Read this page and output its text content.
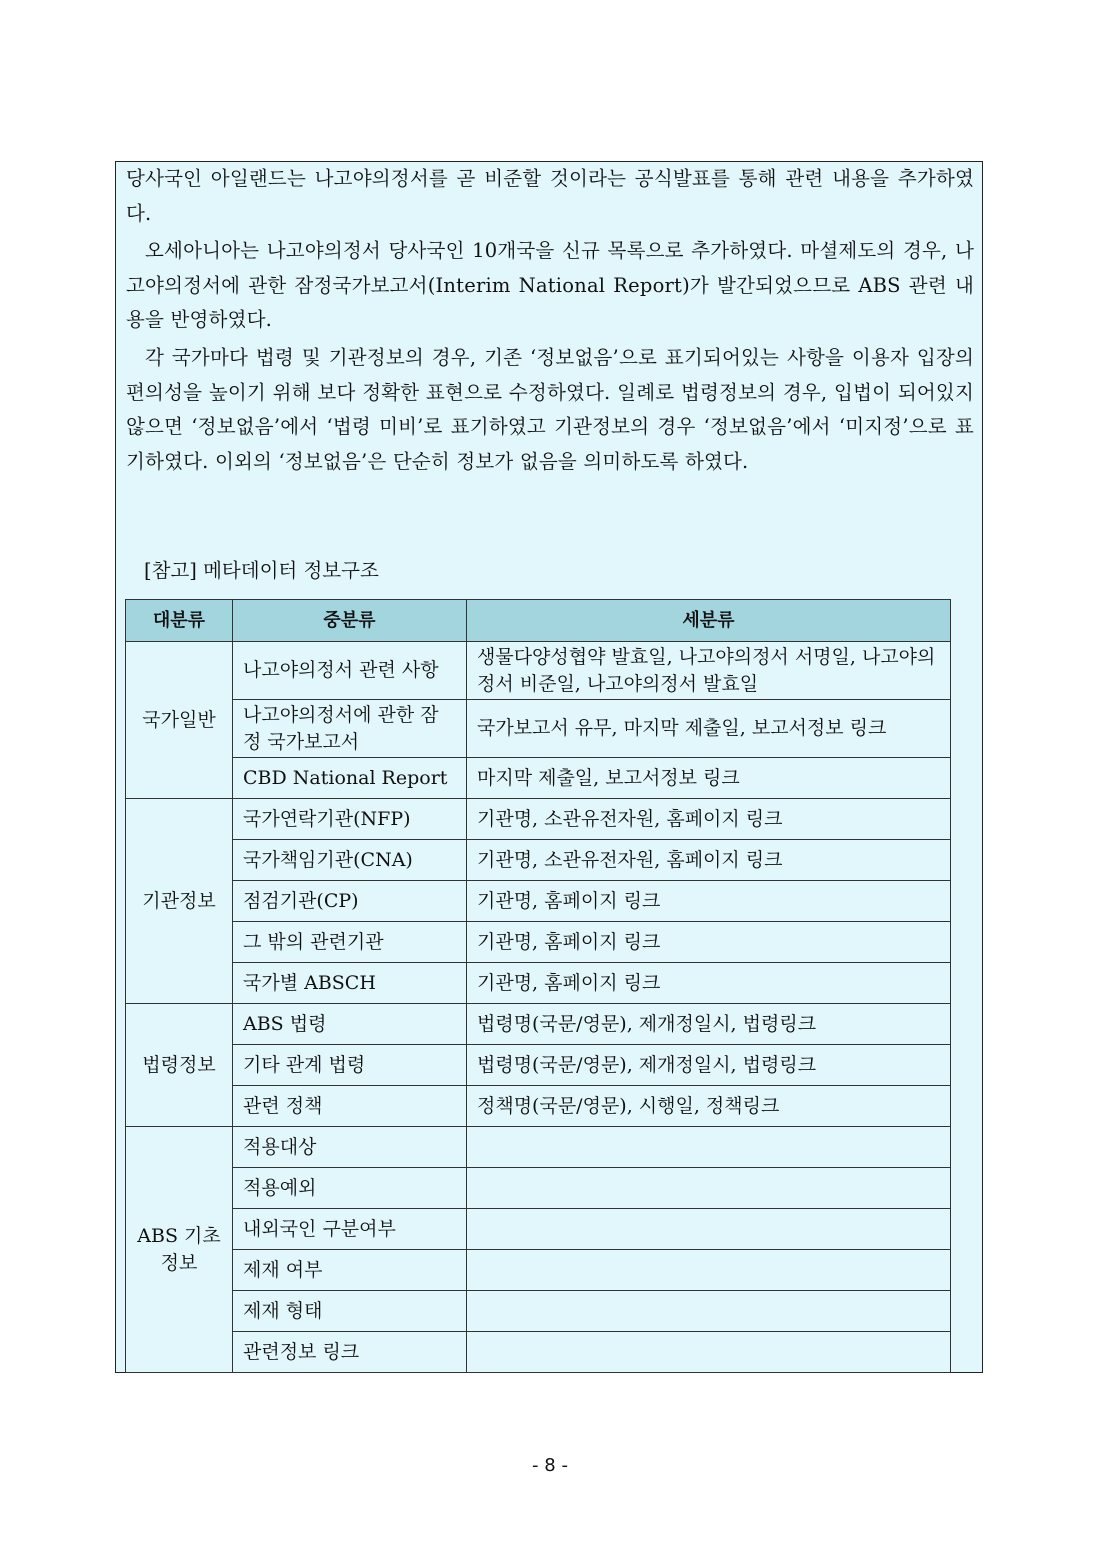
당사국인 아일랜드는 나고야의정서를 곧 비준할 것이라는 공식발표를 통해 관련 내용을 추가하였다.

오세아니아는 나고야의정서 당사국인 10개국을 신규 목록으로 추가하였다. 마셜제도의 경우, 나고야의정서에 관한 잠정국가보고서(Interim National Report)가 발간되었으므로 ABS 관련 내용을 반영하였다.

각 국가마다 법령 및 기관정보의 경우, 기존 ‘정보없음’으로 표기되어있는 사항을 이용자 입장의 편의성을 높이기 위해 보다 정확한 표현으로 수정하였다. 일례로 법령정보의 경우, 입법이 되어있지 않으면 ‘정보없음’에서 ‘법령 미비’로 표기하였고 기관정보의 경우 ‘정보없음’에서 ‘미지정’으로 표기하였다. 이외의 ‘정보없음’은 단순히 정보가 없음을 의미하도록 하였다.

[참고] 메타데이터 정보구조

대분류	중분류	세분류
국가일반	나고야의정서 관련 사항	생물다양성협약 발효일, 나고야의정서 서명일, 나고야의정서 비준일, 나고야의정서 발효일
	나고야의정서에 관한 잠정 국가보고서	국가보고서 유무, 마지막 제출일, 보고서정보 링크
	CBD National Report	마지막 제출일, 보고서정보 링크
기관정보	국가연락기관(NFP)	기관명, 소관유전자원, 홈페이지 링크
	국가책임기관(CNA)	기관명, 소관유전자원, 홈페이지 링크
	점검기관(CP)	기관명, 홈페이지 링크
	그 밖의 관련기관	기관명, 홈페이지 링크
	국가별 ABSCH	기관명, 홈페이지 링크
법령정보	ABS 법령	법령명(국문/영문), 제개정일시, 법령링크
	기타 관계 법령	법령명(국문/영문), 제개정일시, 법령링크
	관련 정책	정책명(국문/영문), 시행일, 정책링크
ABS 기초정보	적용대상	
	적용예외	
	내외국인 구분여부	
	제재 여부	
	제재 형태	
	관련정보 링크	
- 8 -
